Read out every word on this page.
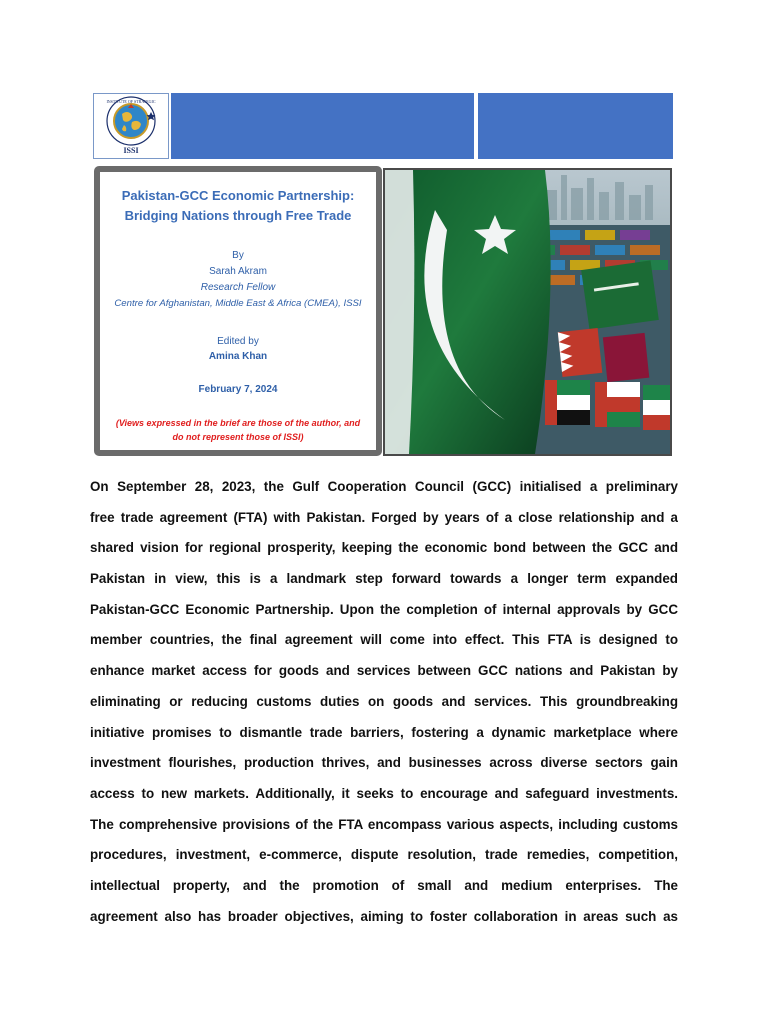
INSTITUTE OF STRATEGIC
ISSI
Pakistan-GCC Economic Partnership: Bridging Nations through Free Trade
By
Sarah Akram
Research Fellow
Centre for Afghanistan, Middle East & Africa (CMEA), ISSI
Edited by
Amina Khan
February 7, 2024
(Views expressed in the brief are those of the author, and do not represent those of ISSI)
On September 28, 2023, the Gulf Cooperation Council (GCC) initialised a preliminary
free trade agreement (FTA) with Pakistan. Forged by years of a close relationship and a
shared vision for regional prosperity, keeping the economic bond between the GCC and
Pakistan in view, this is a landmark step forward towards a longer term expanded
Pakistan-GCC Economic Partnership. Upon the completion of internal approvals by GCC
member countries, the final agreement will come into effect. This FTA is designed to
enhance market access for goods and services between GCC nations and Pakistan by
eliminating or reducing customs duties on goods and services. This groundbreaking
initiative promises to dismantle trade barriers, fostering a dynamic marketplace where
investment flourishes, production thrives, and businesses across diverse sectors gain
access to new markets. Additionally, it seeks to encourage and safeguard investments.
The comprehensive provisions of the FTA encompass various aspects, including customs
procedures, investment, e-commerce, dispute resolution, trade remedies, competition,
intellectual property, and the promotion of small and medium enterprises. The
agreement also has broader objectives, aiming to foster collaboration in areas such as
